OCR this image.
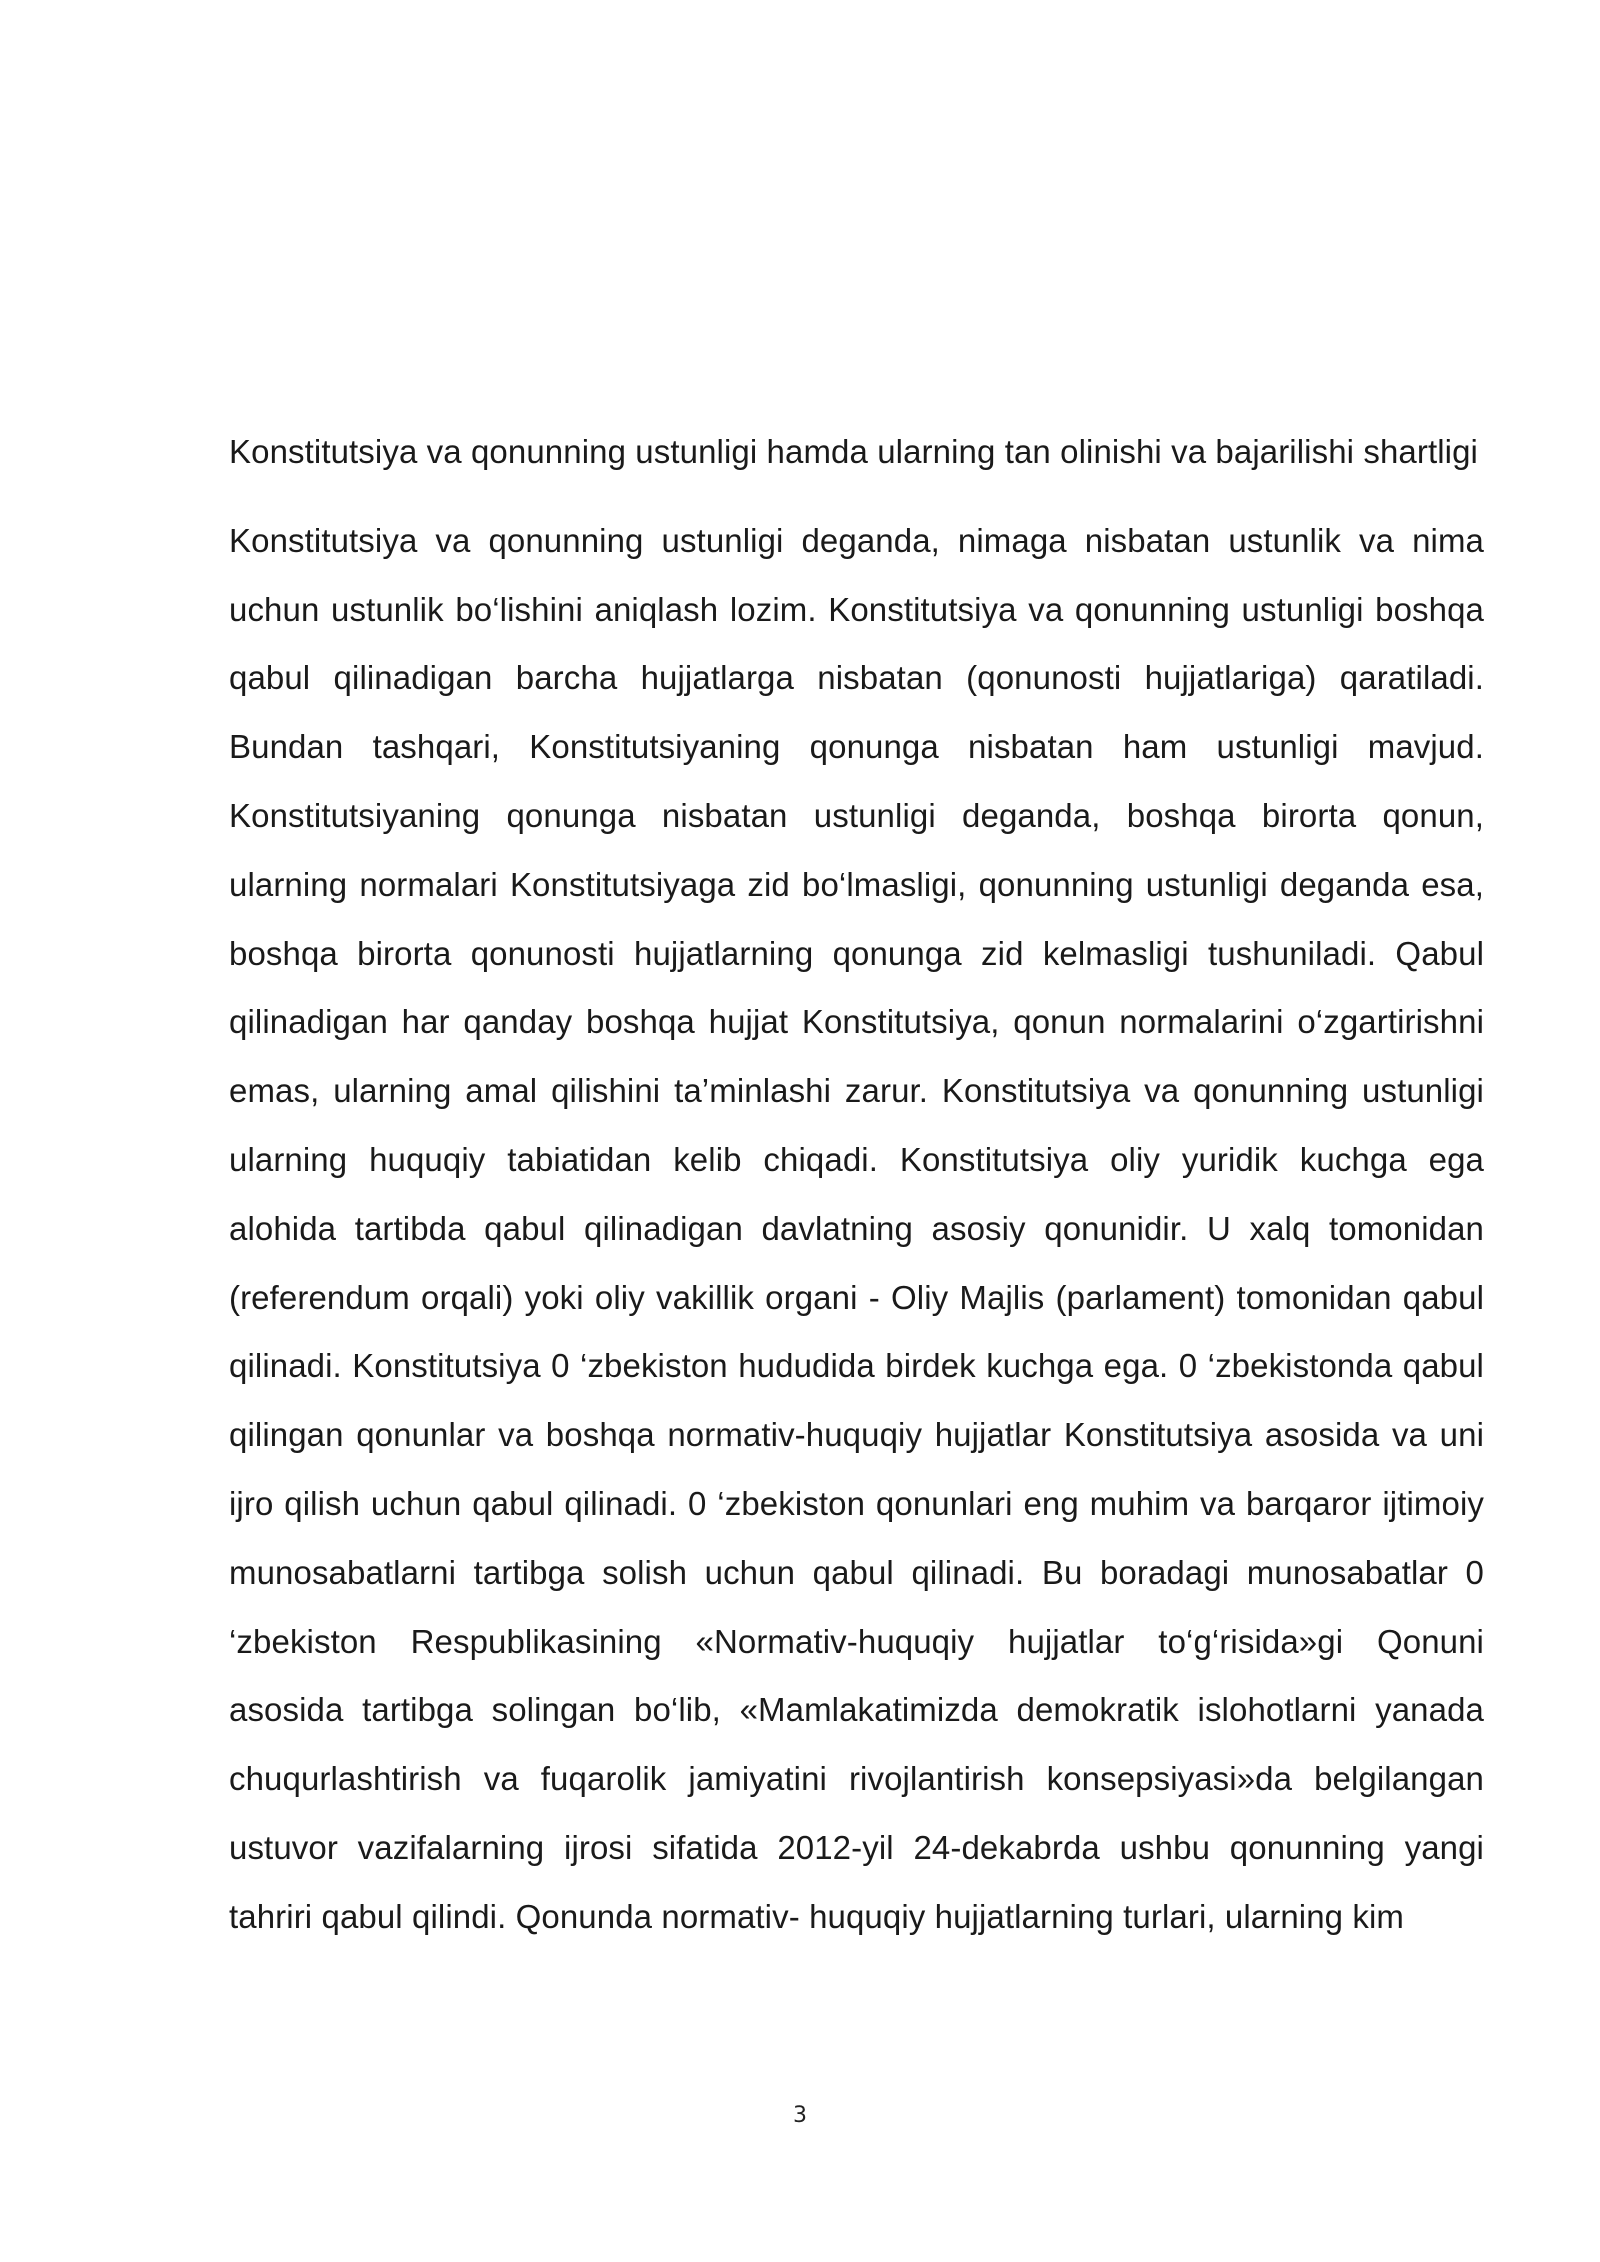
Konstitutsiya va qonunning ustunligi hamda ularning tan olinishi va bajarilishi shartligi

Konstitutsiya va qonunning ustunligi deganda, nimaga nisbatan ustunlik va nima uchun ustunlik bo‘lishini aniqlash lozim. Konstitutsiya va qonunning ustunligi boshqa qabul qilinadigan barcha hujjatlarga nisbatan (qonunosti hujjatlariga) qaratiladi. Bundan tashqari, Konstitutsiyaning qonunga nisbatan ham ustunligi mavjud. Konstitutsiyaning qonunga nisbatan ustunligi deganda, boshqa birorta qonun, ularning normalari Konstitutsiyaga zid bo‘lmasligi, qonunning ustunligi deganda esa, boshqa birorta qonunosti hujjatlarning qonunga zid kelmasligi tushuniladi. Qabul qilinadigan har qanday boshqa hujjat Konstitutsiya, qonun normalarini o‘zgartirishni emas, ularning amal qilishini ta’minlashi zarur. Konstitutsiya va qonunning ustunligi ularning huquqiy tabiatidan kelib chiqadi. Konstitutsiya oliy yuridik kuchga ega alohida tartibda qabul qilinadigan davlatning asosiy qonunidir. U xalq tomonidan (referendum orqali) yoki oliy vakillik organi - Oliy Majlis (parlament) tomonidan qabul qilinadi. Konstitutsiya 0 ‘zbekiston hududida birdek kuchga ega. 0 ‘zbekistonda qabul qilingan qonunlar va boshqa normativ-huquqiy hujjatlar Konstitutsiya asosida va uni ijro qilish uchun qabul qilinadi. 0 ‘zbekiston qonunlari eng muhim va barqaror ijtimoiy munosabatlarni tartibga solish uchun qabul qilinadi. Bu boradagi munosabatlar 0 ‘zbekiston Respublikasining «Normativ-huquqiy hujjatlar to‘g‘risida»gi Qonuni asosida tartibga solingan bo‘lib, «Mamlakatimizda demokratik islohotlarni yanada chuqurlashtirish va fuqarolik jamiyatini rivojlantirish konsepsiyasi»da belgilangan ustuvor vazifalarning ijrosi sifatida 2012-yil 24-dekabrda ushbu qonunning yangi tahriri qabul qilindi. Qonunda normativ- huquqiy hujjatlarning turlari, ularning kim

3
